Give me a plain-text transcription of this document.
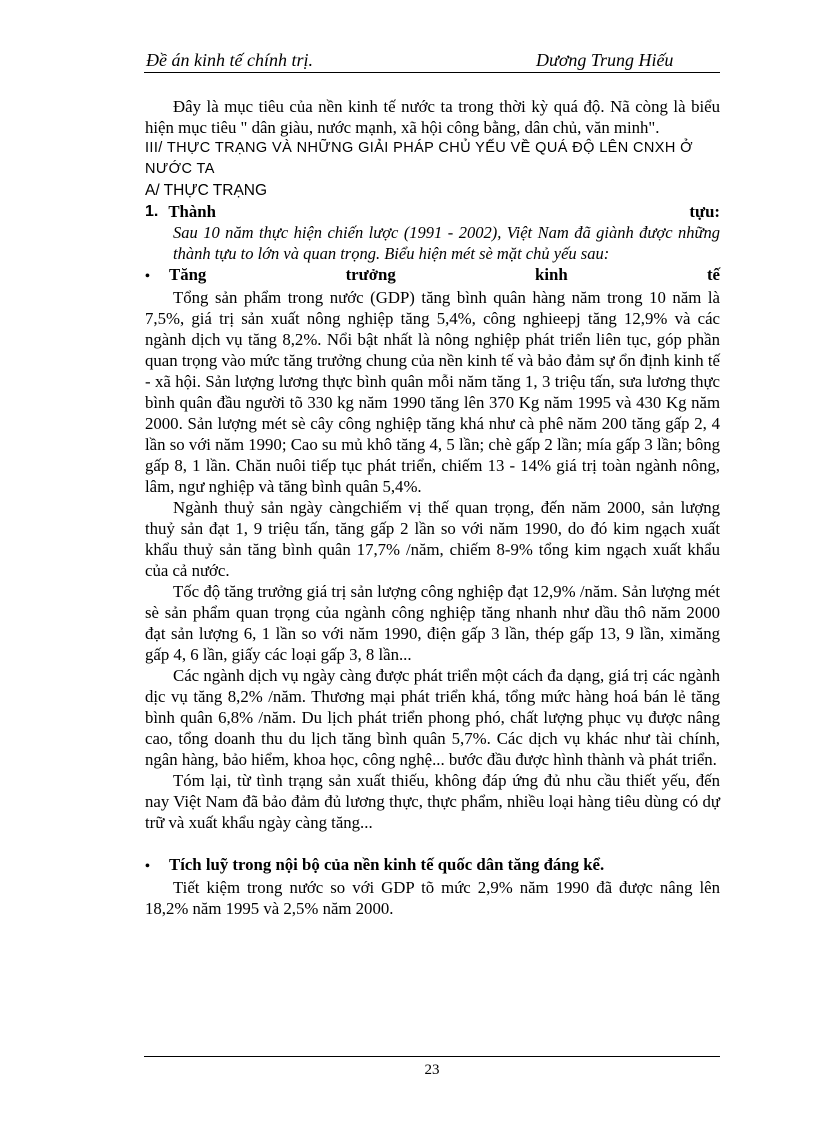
Đề án kinh tế chính trị.	Dương Trung Hiếu

Đây là mục tiêu của nền kinh tế nước ta trong thời kỳ quá độ. Nã còng là biểu hiện mục tiêu " dân giàu, nước mạnh, xã hội công bằng, dân chủ, văn minh".

III/ THỰC TRẠNG VÀ NHỮNG GIẢI PHÁP CHỦ YẾU VỀ QUÁ ĐỘ LÊN CNXH Ở NƯỚC TA

A/ THỰC TRẠNG

1. Thành	tựu:

Sau 10 năm thực hiện chiến lược (1991 - 2002), Việt Nam đã giành được những thành tựu to lớn và quan trọng. Biểu hiện mét sè mặt chủ yếu sau:

•	Tăng	trưởng	kinh	tế

Tổng sản phẩm trong nước (GDP) tăng bình quân hàng năm trong 10 năm là 7,5%, giá trị sản xuất nông nghiệp tăng 5,4%, công nghieepj tăng 12,9% và các ngành dịch vụ tăng 8,2%. Nổi bật nhất là nông nghiệp phát triển liên tục, góp phần quan trọng vào mức tăng trưởng chung của nền kinh tế và bảo đảm sự ổn định kinh tế - xã hội. Sản lượng lương thực bình quân mỗi năm tăng 1, 3 triệu tấn, sưa lương thực bình quân đầu người tõ 330 kg năm 1990 tăng lên 370 Kg năm 1995 và 430 Kg năm 2000. Sản lượng mét sè cây công nghiệp tăng khá như cà phê năm 200 tăng gấp 2, 4 lần so với năm 1990; Cao su mủ khô tăng 4, 5 lần; chè gấp 2 lần; mía gấp 3 lần; bông gấp 8, 1 lần. Chăn nuôi tiếp tục phát triển, chiếm 13 - 14% giá trị toàn ngành nông, lâm, ngư nghiệp và tăng bình quân 5,4%.

Ngành thuỷ sản ngày càngchiếm vị thế quan trọng, đến năm 2000, sản lượng thuỷ sản đạt 1, 9 triệu tấn, tăng gấp 2 lần so với năm 1990, do đó kim ngạch xuất khẩu thuỷ sản tăng bình quân 17,7% /năm, chiếm 8-9% tổng kim ngạch xuất khẩu của cả nước.

Tốc độ tăng trưởng giá trị sản lượng công nghiệp đạt 12,9% /năm. Sản lượng mét sè sản phẩm quan trọng của ngành công nghiệp tăng nhanh như dầu thô năm 2000 đạt sản lượng 6, 1 lần so với năm 1990, điện gấp 3 lần, thép gấp 13, 9 lần, ximăng gấp 4, 6 lần, giấy các loại gấp 3, 8 lần...

Các ngành dịch vụ ngày càng được phát triển một cách đa dạng, giá trị các ngành dịc vụ tăng 8,2% /năm. Thương mại phát triển khá, tổng mức hàng hoá bán lẻ tăng bình quân 6,8% /năm. Du lịch phát triển phong phó, chất lượng phục vụ được nâng cao, tổng doanh thu du lịch tăng bình quân 5,7%. Các dịch vụ khác như tài chính, ngân hàng, bảo hiểm, khoa học, công nghệ... bước đầu được hình thành và phát triển.

Tóm lại, từ tình trạng sản xuất thiếu, không đáp ứng đủ nhu cầu thiết yếu, đến nay Việt Nam đã bảo đảm đủ lương thực, thực phẩm, nhiều loại hàng tiêu dùng có dự trữ và xuất khẩu ngày càng tăng...

•	Tích luỹ trong nội bộ của nền kinh tế quốc dân tăng đáng kể.

Tiết kiệm trong nước so với GDP tõ mức 2,9% năm 1990 đã được nâng lên 18,2% năm 1995 và 2,5% năm 2000.

23
